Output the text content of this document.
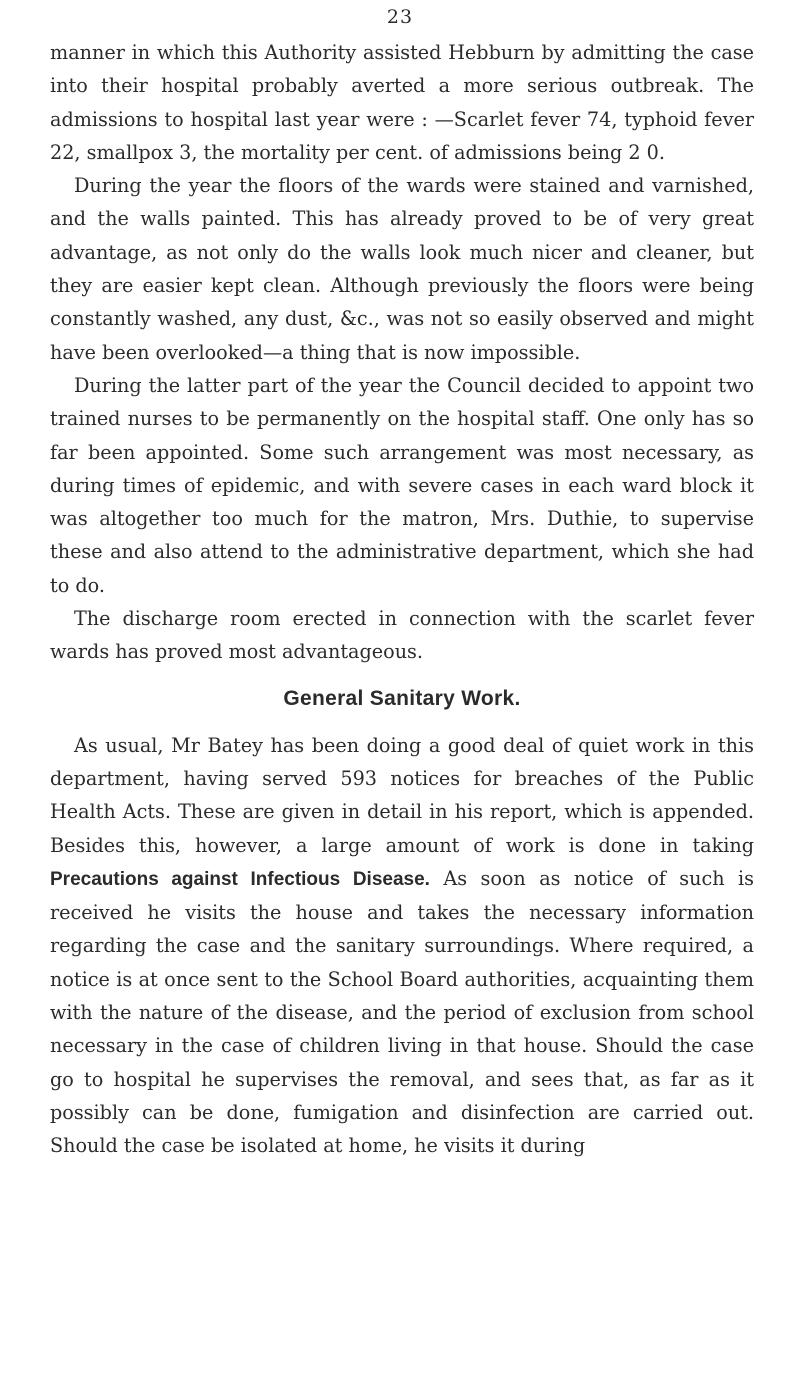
23

manner in which this Authority assisted Hebburn by admitting the case into their hospital probably averted a more serious outbreak. The admissions to hospital last year were : —Scarlet fever 74, typhoid fever 22, smallpox 3, the mortality per cent. of admissions being 2 0.

During the year the floors of the wards were stained and varnished, and the walls painted. This has already proved to be of very great advantage, as not only do the walls look much nicer and cleaner, but they are easier kept clean. Although previously the floors were being constantly washed, any dust, &c., was not so easily observed and might have been overlooked—a thing that is now impossible.

During the latter part of the year the Council decided to appoint two trained nurses to be permanently on the hospital staff. One only has so far been appointed. Some such arrangement was most necessary, as during times of epidemic, and with severe cases in each ward block it was altogether too much for the matron, Mrs. Duthie, to supervise these and also attend to the administrative department, which she had to do.

The discharge room erected in connection with the scarlet fever wards has proved most advantageous.

General Sanitary Work.

As usual, Mr Batey has been doing a good deal of quiet work in this department, having served 593 notices for breaches of the Public Health Acts. These are given in detail in his report, which is appended. Besides this, however, a large amount of work is done in taking Precautions against Infectious Disease. As soon as notice of such is received he visits the house and takes the necessary information regarding the case and the sanitary surroundings. Where required, a notice is at once sent to the School Board authorities, acquainting them with the nature of the disease, and the period of exclusion from school necessary in the case of children living in that house. Should the case go to hospital he supervises the removal, and sees that, as far as it possibly can be done, fumigation and disinfection are carried out. Should the case be isolated at home, he visits it during
